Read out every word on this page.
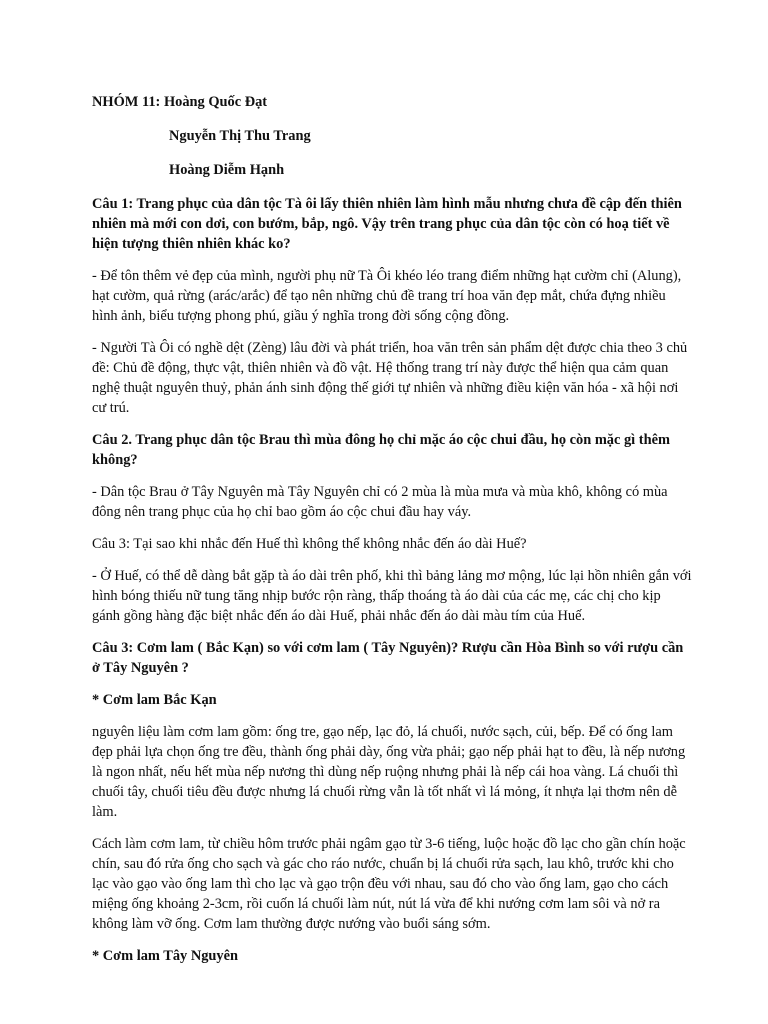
NHÓM 11: Hoàng Quốc Đạt

Nguyễn Thị Thu Trang

Hoàng Diễm Hạnh

Câu 1: Trang phục của dân tộc Tà ôi lấy thiên nhiên làm hình mẫu nhưng chưa đề cập đến thiên nhiên mà mới con dơi, con bướm, bắp, ngô. Vậy trên trang phục của dân tộc còn có hoạ tiết về hiện tượng thiên nhiên khác ko?

- Để tôn thêm vẻ đẹp của mình, người phụ nữ Tà Ôi khéo léo trang điểm những hạt cườm chỉ (Alung), hạt cườm, quả rừng (arác/arắc) để tạo nên những chủ đề trang trí hoa văn đẹp mắt, chứa đựng nhiều hình ảnh, biểu tượng phong phú, giầu ý nghĩa trong đời sống cộng đồng.

- Người Tà Ôi có nghề dệt (Zèng) lâu đời và phát triển, hoa văn trên sản phẩm dệt được chia theo 3 chủ đề: Chủ đề động, thực vật, thiên nhiên và đồ vật. Hệ thống trang trí này được thể hiện qua cảm quan nghệ thuật nguyên thuỷ, phản ánh sinh động thế giới tự nhiên và những điều kiện văn hóa - xã hội nơi cư trú.

Câu 2. Trang phục dân tộc Brau thì mùa đông họ chỉ mặc áo cộc chui đầu, họ còn mặc gì thêm không?

- Dân tộc Brau ở Tây Nguyên mà Tây Nguyên chỉ có 2 mùa là mùa mưa và mùa khô, không có mùa đông nên trang phục của họ chỉ bao gồm áo cộc chui đầu hay váy.

Câu 3: Tại sao khi nhắc đến Huế thì không thể không nhắc đến áo dài Huế?

- Ở Huế, có thể dễ dàng bắt gặp tà áo dài trên phố, khi thì bảng lảng mơ mộng, lúc lại hồn nhiên gắn với hình bóng thiếu nữ tung tăng nhịp bước rộn ràng, thấp thoáng tà áo dài của các mẹ, các chị cho kịp gánh gồng hàng đặc biệt nhắc đến áo dài Huế, phải nhắc đến áo dài màu tím của Huế.

Câu 3: Cơm lam ( Bắc Kạn) so với cơm lam ( Tây Nguyên)? Rượu cần Hòa Bình so với rượu cần ở Tây Nguyên ?

* Cơm lam Bắc Kạn

nguyên liệu làm cơm lam gồm: ống tre, gạo nếp, lạc đỏ, lá chuối, nước sạch, củi, bếp. Để có ống lam đẹp phải lựa chọn ống tre đều, thành ống phải dày, ống vừa phải; gạo nếp phải hạt to đều, là nếp nương là ngon nhất, nếu hết mùa nếp nương thì dùng nếp ruộng nhưng phải là nếp cái hoa vàng. Lá chuối thì chuối tây, chuối tiêu đều được nhưng lá chuối rừng vẫn là tốt nhất vì lá mỏng, ít nhựa lại thơm nên dễ làm.

Cách làm cơm lam, từ chiều hôm trước phải ngâm gạo từ 3-6 tiếng, luộc hoặc đồ lạc cho gần chín hoặc chín, sau đó rửa ống cho sạch và gác cho ráo nước, chuẩn bị lá chuối rửa sạch, lau khô, trước khi cho lạc vào gạo vào ống lam thì cho lạc và gạo trộn đều với nhau, sau đó cho vào ống lam, gạo cho cách miệng ống khoảng 2-3cm, rồi cuốn lá chuối làm nút, nút lá vừa để khi nướng cơm lam sôi và nở ra không làm vỡ ống. Cơm lam thường được nướng vào buổi sáng sớm.

* Cơm lam Tây Nguyên
